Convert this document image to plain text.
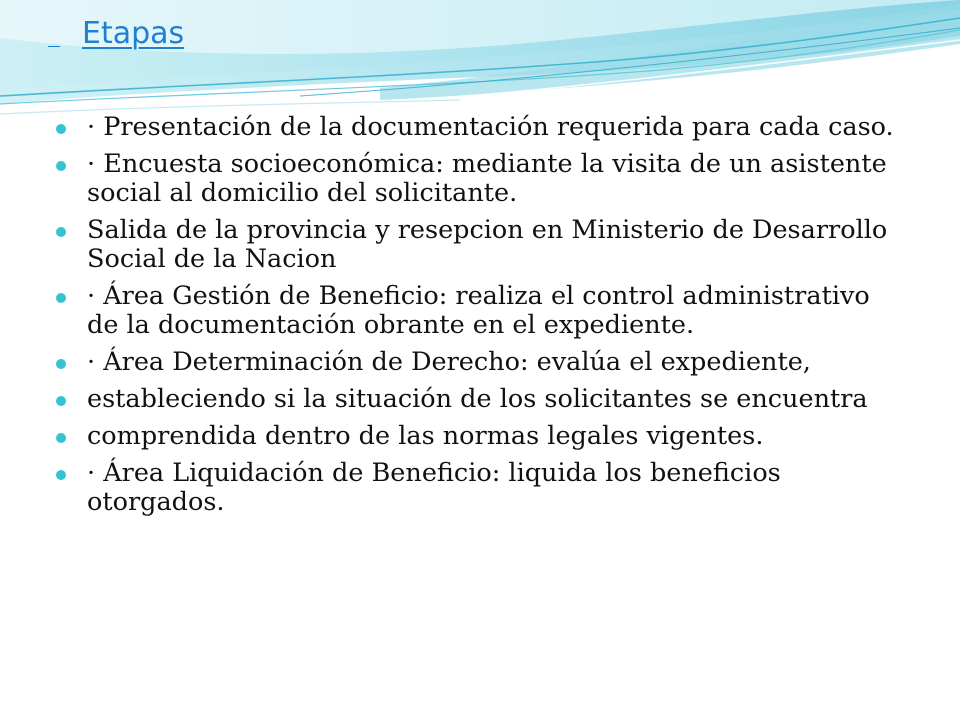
Etapas
· Presentación de la documentación requerida para cada caso.
· Encuesta socioeconómica: mediante la visita de un asistente social al domicilio del solicitante.
Salida de la provincia y resepcion en Ministerio de Desarrollo Social de la Nacion
· Área Gestión de Beneficio: realiza el control administrativo de la documentación obrante en el expediente.
· Área Determinación de Derecho: evalúa el expediente,
estableciendo si la situación de los solicitantes se encuentra
comprendida dentro de las normas legales vigentes.
· Área Liquidación de Beneficio: liquida los beneficios otorgados.
